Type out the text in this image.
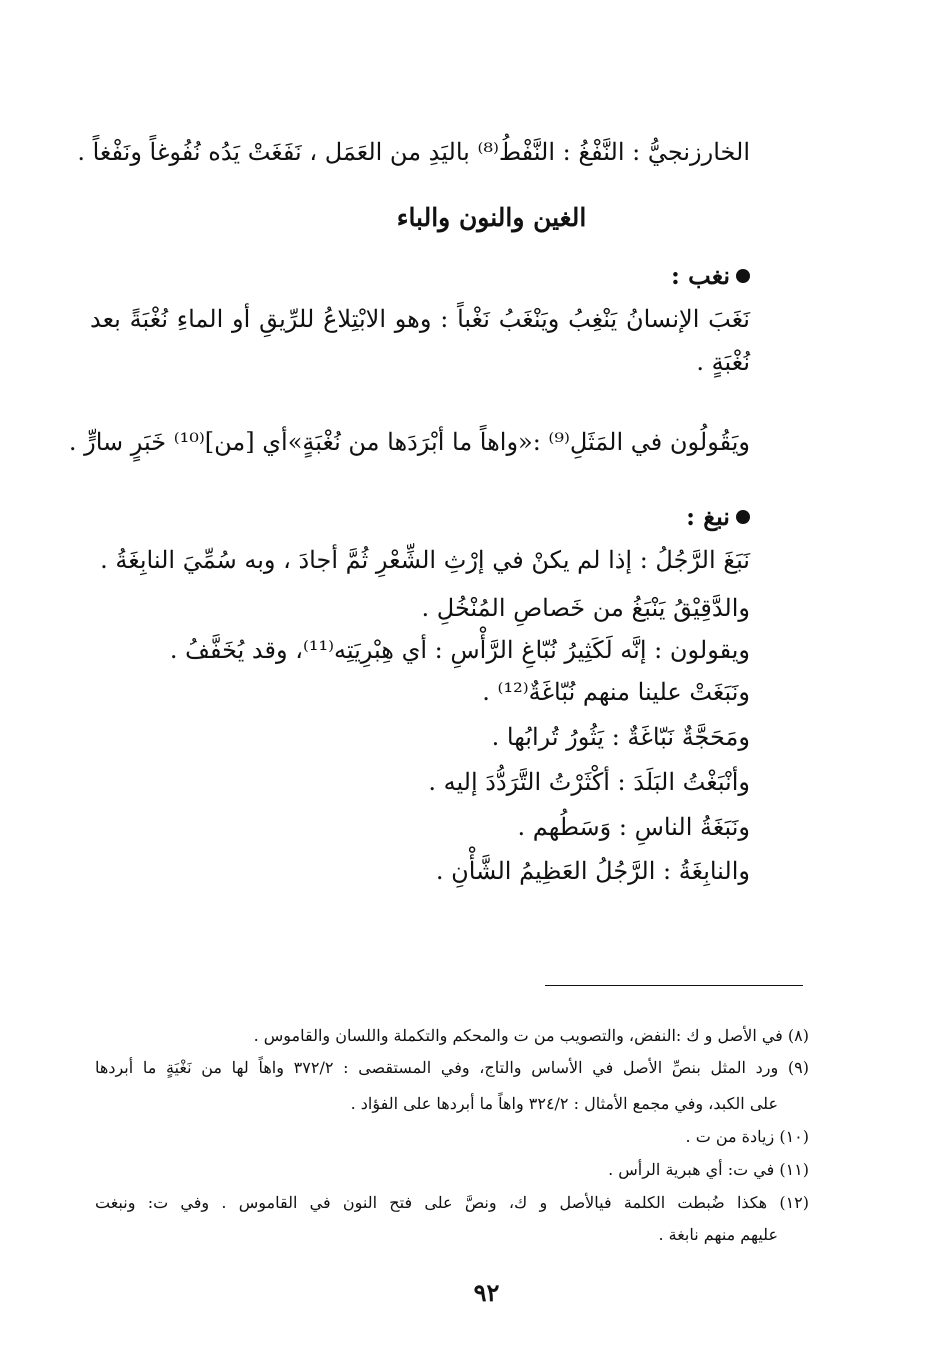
الخارزنجيُّ : النَّفْغُ : النَّفْطُ⁽⁸⁾ باليَدِ من العَمَل ، نَفَغَتْ يَدُه نُفُوغاً ونَفْغاً .
الغين والنون والباء
نغب :
نَغَبَ الإنسانُ يَنْغِبُ ويَنْغَبُ نَغْباً : وهو الابْتِلاعُ للرِّيقِ أو الماءِ نُغْبَةً بعد
نُغْبَةٍ .
ويَقُولُون في المَثَلِ⁽⁹⁾ :«واهاً ما أبْرَدَها من نُغْبَةٍ»أي [من]⁽¹⁰⁾ خَبَرٍ سارٍّ .
نبغ :
نَبَغَ الرَّجُلُ : إذا لم يكنْ في إرْثِ الشِّعْرِ ثُمَّ أجادَ ، وبه سُمِّيَ النابِغَةُ .
والدَّقِيْقُ يَنْبَغُ من خَصاصِ المُنْخُلِ .
ويقولون : إنَّه لَكَثِيرُ نُبّاغِ الرَّأْسِ : أي هِبْرِيَتِه⁽¹¹⁾، وقد يُخَفَّفُ .
ونَبَغَتْ علينا منهم نُبّاغَةٌ⁽¹²⁾ .
ومَحَجَّةٌ نَبّاغَةٌ : يَثُورُ تُرابُها .
وأنْبَغْتُ البَلَدَ : أكْثَرْتُ التَّرَدُّدَ إليه .
ونَبَغَةُ الناسِ : وَسَطُهم .
والنابِغَةُ : الرَّجُلُ العَظِيمُ الشَّأْنِ .
(٨) في الأصل و ك :النفض، والتصويب من ت والمحكم والتكملة واللسان والقاموس .
(٩) ورد المثل بنصِّ الأصل في الأساس والتاج، وفي المستقصى : ٣٧٢/٢ واهاً لها من نَغْيَةٍ ما أبردها
على الكبد، وفي مجمع الأمثال : ٣٢٤/٢ واهاً ما أبردها على الفؤاد .
(١٠) زيادة من ت .
(١١) في ت: أي هبرية الرأس .
(١٢) هكذا ضُبطت الكلمة فيالأصل و ك، ونصَّ على فتح النون في القاموس . وفي ت: ونبغت
عليهم منهم نابغة .
٩٢
